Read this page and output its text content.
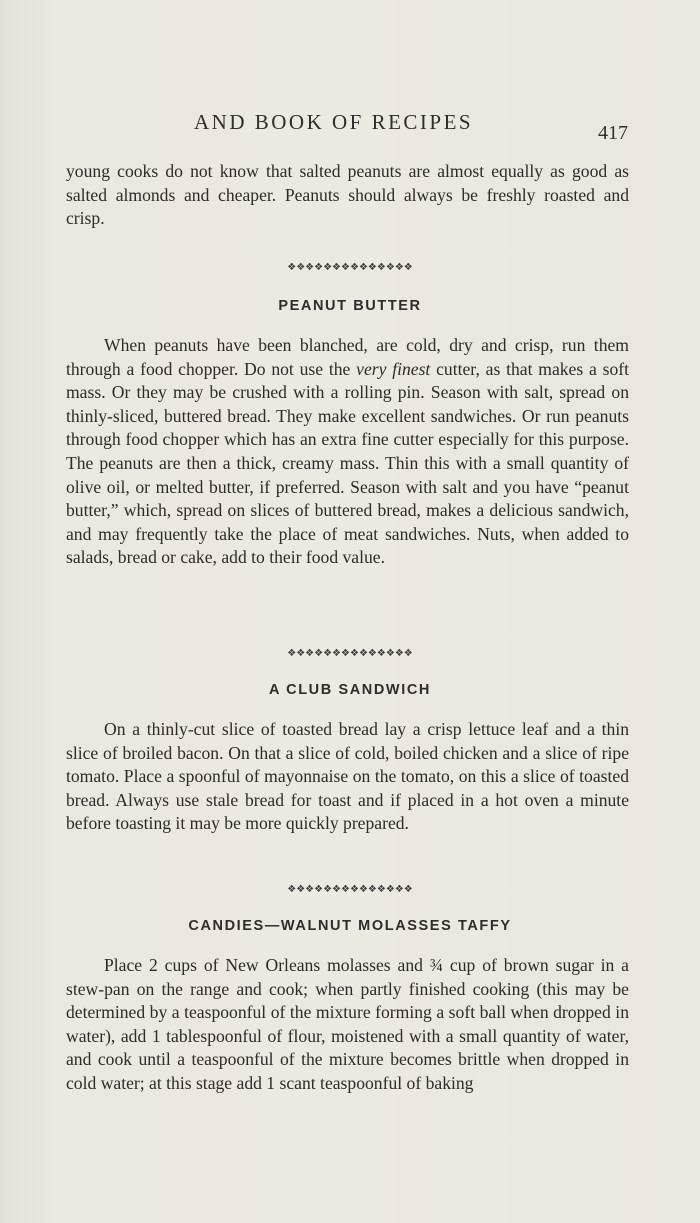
AND BOOK OF RECIPES	417

young cooks do not know that salted peanuts are almost equally as good as salted almonds and cheaper. Peanuts should always be freshly roasted and crisp.

❖❖❖❖❖❖❖❖❖❖❖❖❖❖
PEANUT BUTTER

When peanuts have been blanched, are cold, dry and crisp, run them through a food chopper. Do not use the very finest cutter, as that makes a soft mass. Or they may be crushed with a rolling pin. Season with salt, spread on thinly-sliced, buttered bread. They make excellent sandwiches. Or run peanuts through food chopper which has an extra fine cutter especially for this purpose. The peanuts are then a thick, creamy mass. Thin this with a small quantity of olive oil, or melted butter, if preferred. Season with salt and you have “peanut butter,” which, spread on slices of buttered bread, makes a delicious sandwich, and may frequently take the place of meat sandwiches. Nuts, when added to salads, bread or cake, add to their food value.

❖❖❖❖❖❖❖❖❖❖❖❖❖❖
A CLUB SANDWICH

On a thinly-cut slice of toasted bread lay a crisp lettuce leaf and a thin slice of broiled bacon. On that a slice of cold, boiled chicken and a slice of ripe tomato. Place a spoonful of mayonnaise on the tomato, on this a slice of toasted bread. Always use stale bread for toast and if placed in a hot oven a minute before toasting it may be more quickly prepared.

❖❖❖❖❖❖❖❖❖❖❖❖❖❖
CANDIES—WALNUT MOLASSES TAFFY

Place 2 cups of New Orleans molasses and ¾ cup of brown sugar in a stew-pan on the range and cook; when partly finished cooking (this may be determined by a teaspoonful of the mixture forming a soft ball when dropped in water), add 1 tablespoonful of flour, moistened with a small quantity of water, and cook until a teaspoonful of the mixture becomes brittle when dropped in cold water; at this stage add 1 scant teaspoonful of baking
